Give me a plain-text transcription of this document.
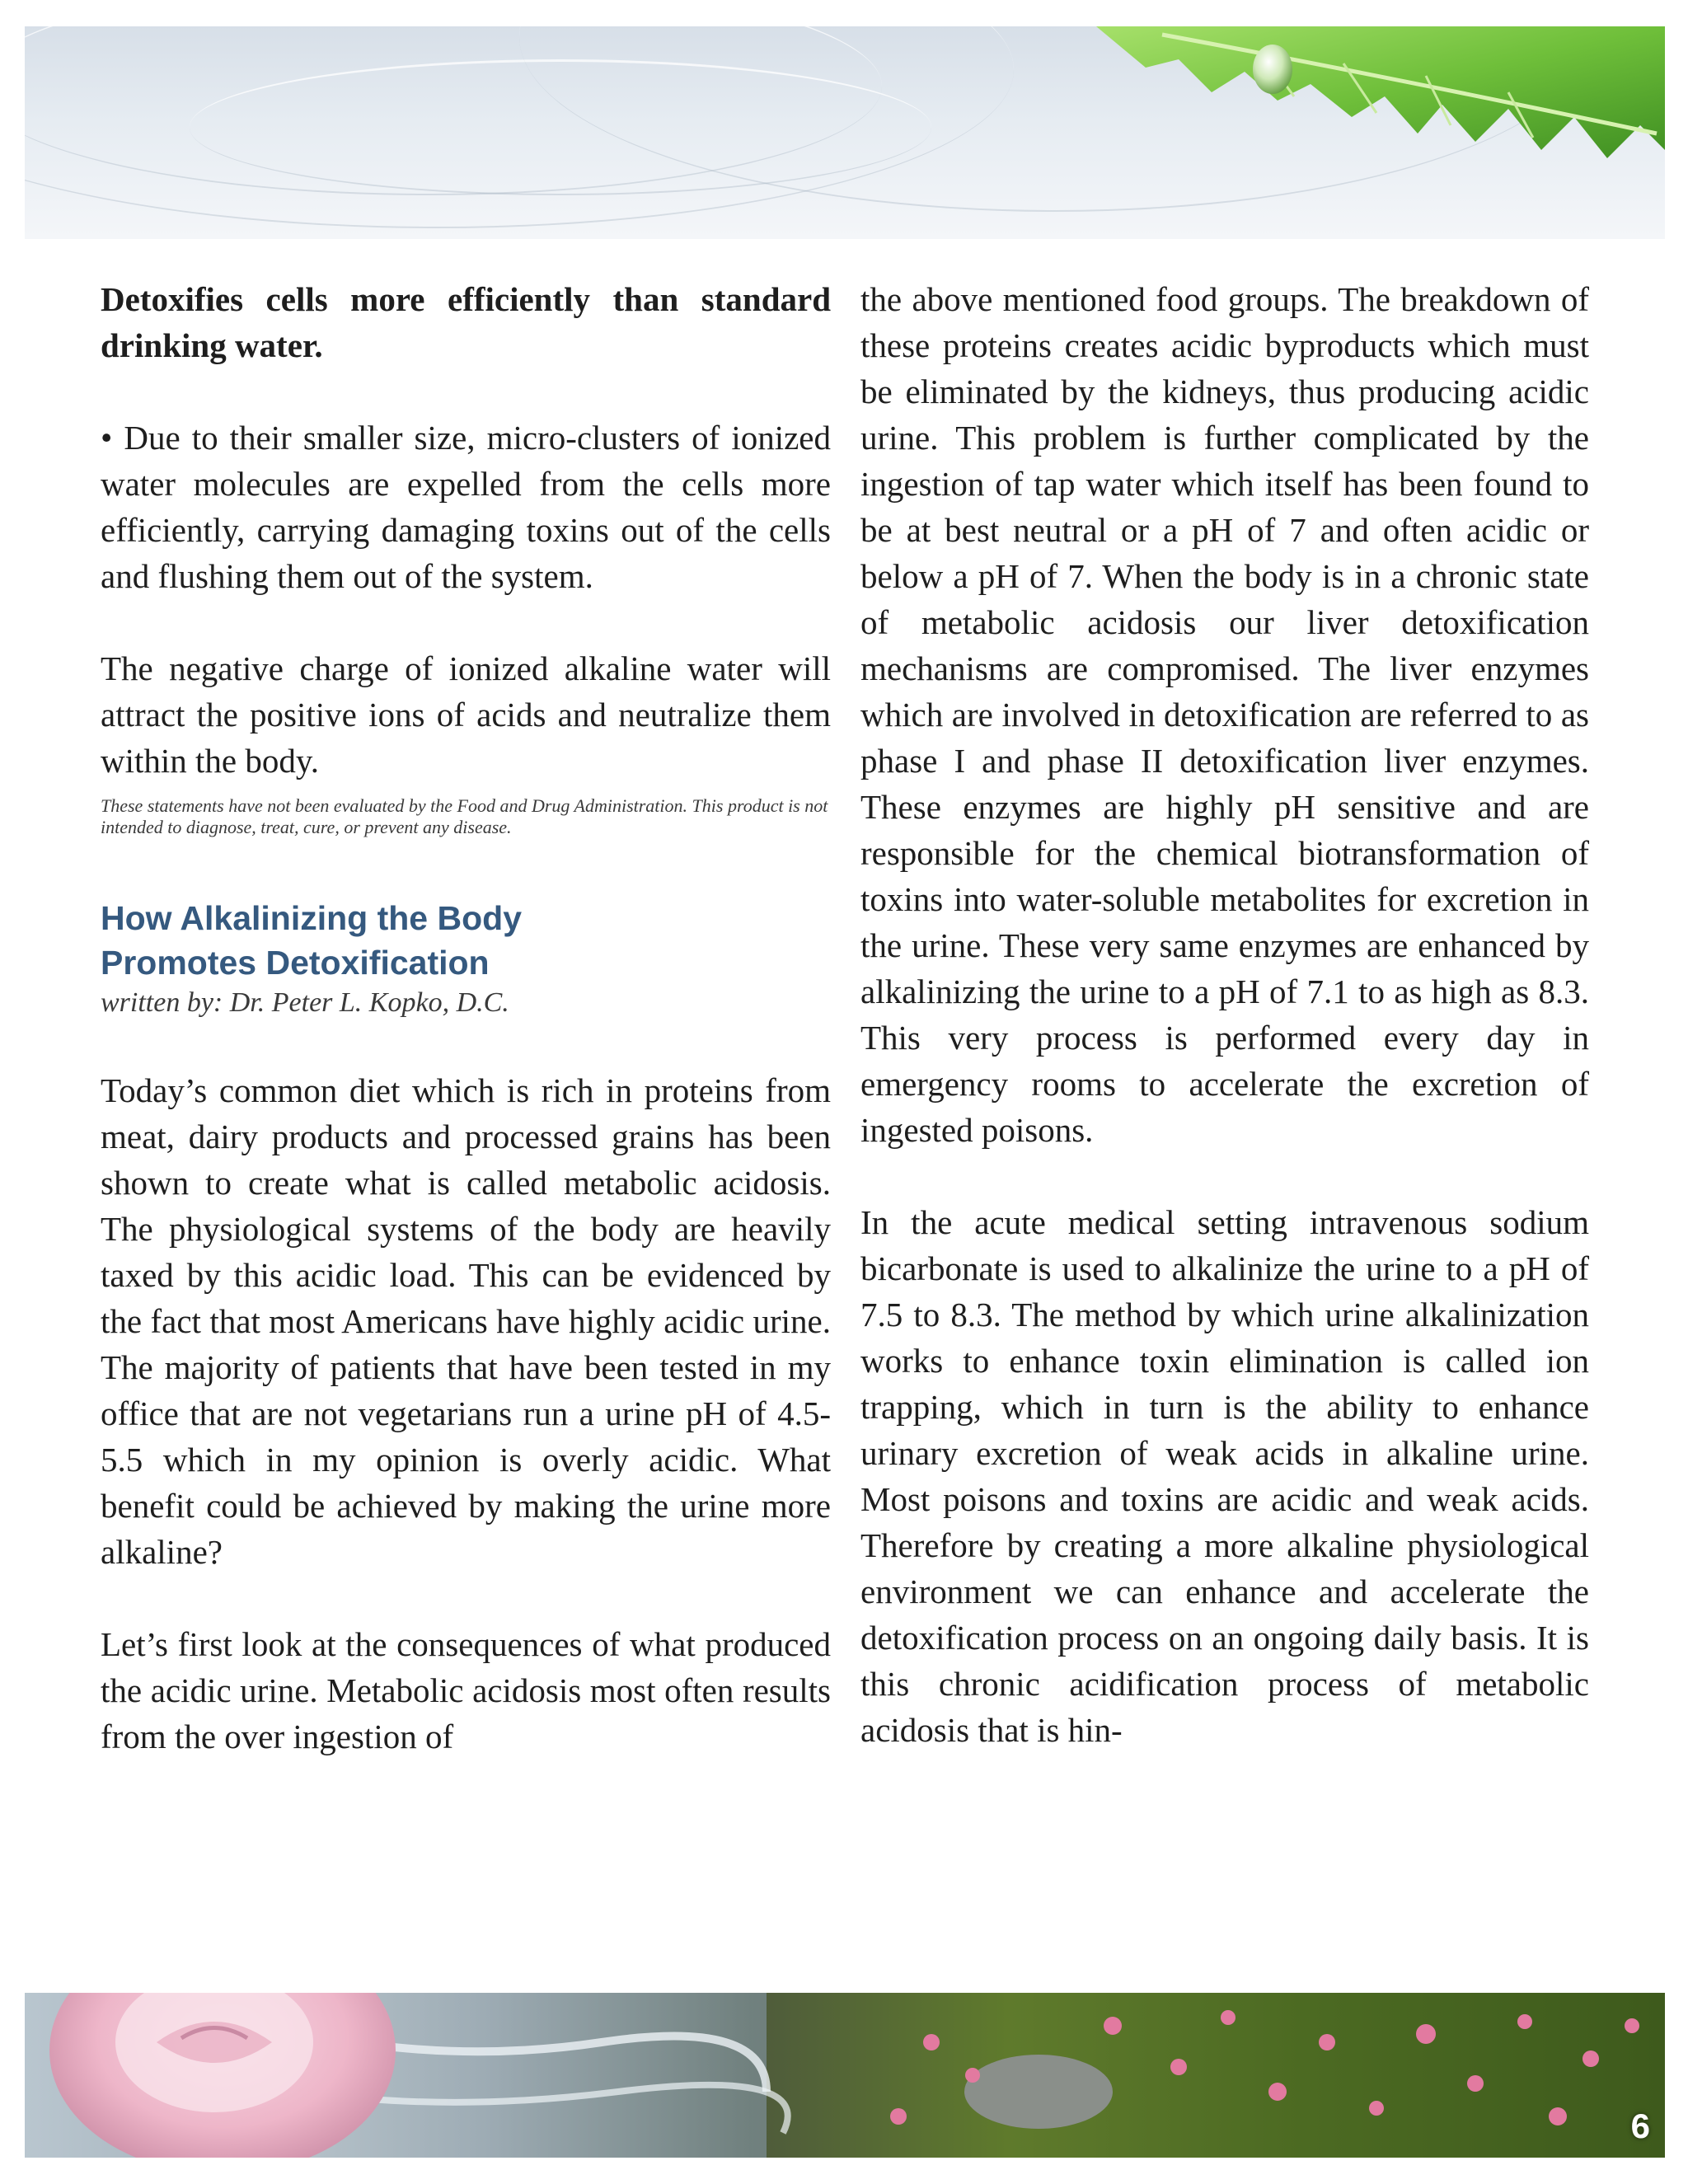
Detoxifies cells more efficiently than standard drinking water.

• Due to their smaller size, micro-clusters of ionized water molecules are expelled from the cells more efficiently, carrying damaging toxins out of the cells and flushing them out of the system.

The negative charge of ionized alkaline water will attract the positive ions of acids and neutralize them within the body.

These statements have not been evaluated by the Food and Drug Administration. This product is not intended to diagnose, treat, cure, or prevent any disease.

How Alkalinizing the Body
Promotes Detoxification

written by: Dr. Peter L. Kopko, D.C.

Today’s common diet which is rich in proteins from meat, dairy products and processed grains has been shown to create what is called metabolic acidosis. The physiological systems of the body are heavily taxed by this acidic load. This can be evidenced by the fact that most Americans have highly acidic urine. The majority of patients that have been tested in my office that are not vegetarians run a urine pH of 4.5-5.5 which in my opinion is overly acidic. What benefit could be achieved by making the urine more alkaline?

Let’s first look at the consequences of what produced the acidic urine. Metabolic acidosis most often results from the over ingestion of

the above mentioned food groups. The breakdown of these proteins creates acidic byproducts which must be eliminated by the kidneys, thus producing acidic urine. This problem is further complicated by the ingestion of tap water which itself has been found to be at best neutral or a pH of 7 and often acidic or below a pH of 7. When the body is in a chronic state of metabolic acidosis our liver detoxification mechanisms are compromised. The liver enzymes which are involved in detoxification are referred to as phase I and phase II detoxification liver enzymes. These enzymes are highly pH sensitive and are responsible for the chemical biotransformation of toxins into water-soluble metabolites for excretion in the urine. These very same enzymes are enhanced by alkalinizing the urine to a pH of 7.1 to as high as 8.3. This very process is performed every day in emergency rooms to accelerate the excretion of ingested poisons.

In the acute medical setting intravenous sodium bicarbonate is used to alkalinize the urine to a pH of 7.5 to 8.3. The method by which urine alkalinization works to enhance toxin elimination is called ion trapping, which in turn is the ability to enhance urinary excretion of weak acids in alkaline urine. Most poisons and toxins are acidic and weak acids. Therefore by creating a more alkaline physiological environment we can enhance and accelerate the detoxification process on an ongoing daily basis. It is this chronic acidification process of metabolic acidosis that is hin-

6
